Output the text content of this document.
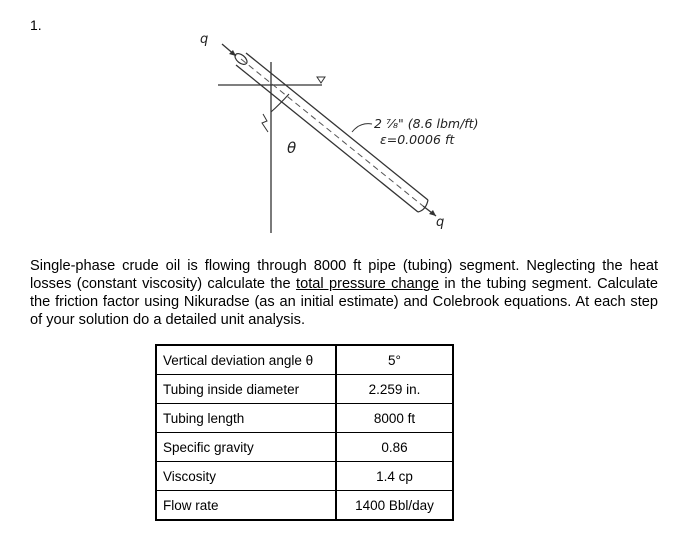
1.
q
q
θ
2 ⁷⁄₈" (8.6 lbm/ft)
ε=0.0006 ft
Single-phase crude oil is flowing through 8000 ft pipe (tubing) segment. Neglecting the heat losses (constant viscosity) calculate the total pressure change in the tubing segment. Calculate the friction factor using Nikuradse (as an initial estimate) and Colebrook equations. At each step of your solution do a detailed unit analysis.
Vertical deviation angle θ	5°
Tubing inside diameter	2.259 in.
Tubing length	8000 ft
Specific gravity	0.86
Viscosity	1.4 cp
Flow rate	1400 Bbl/day
